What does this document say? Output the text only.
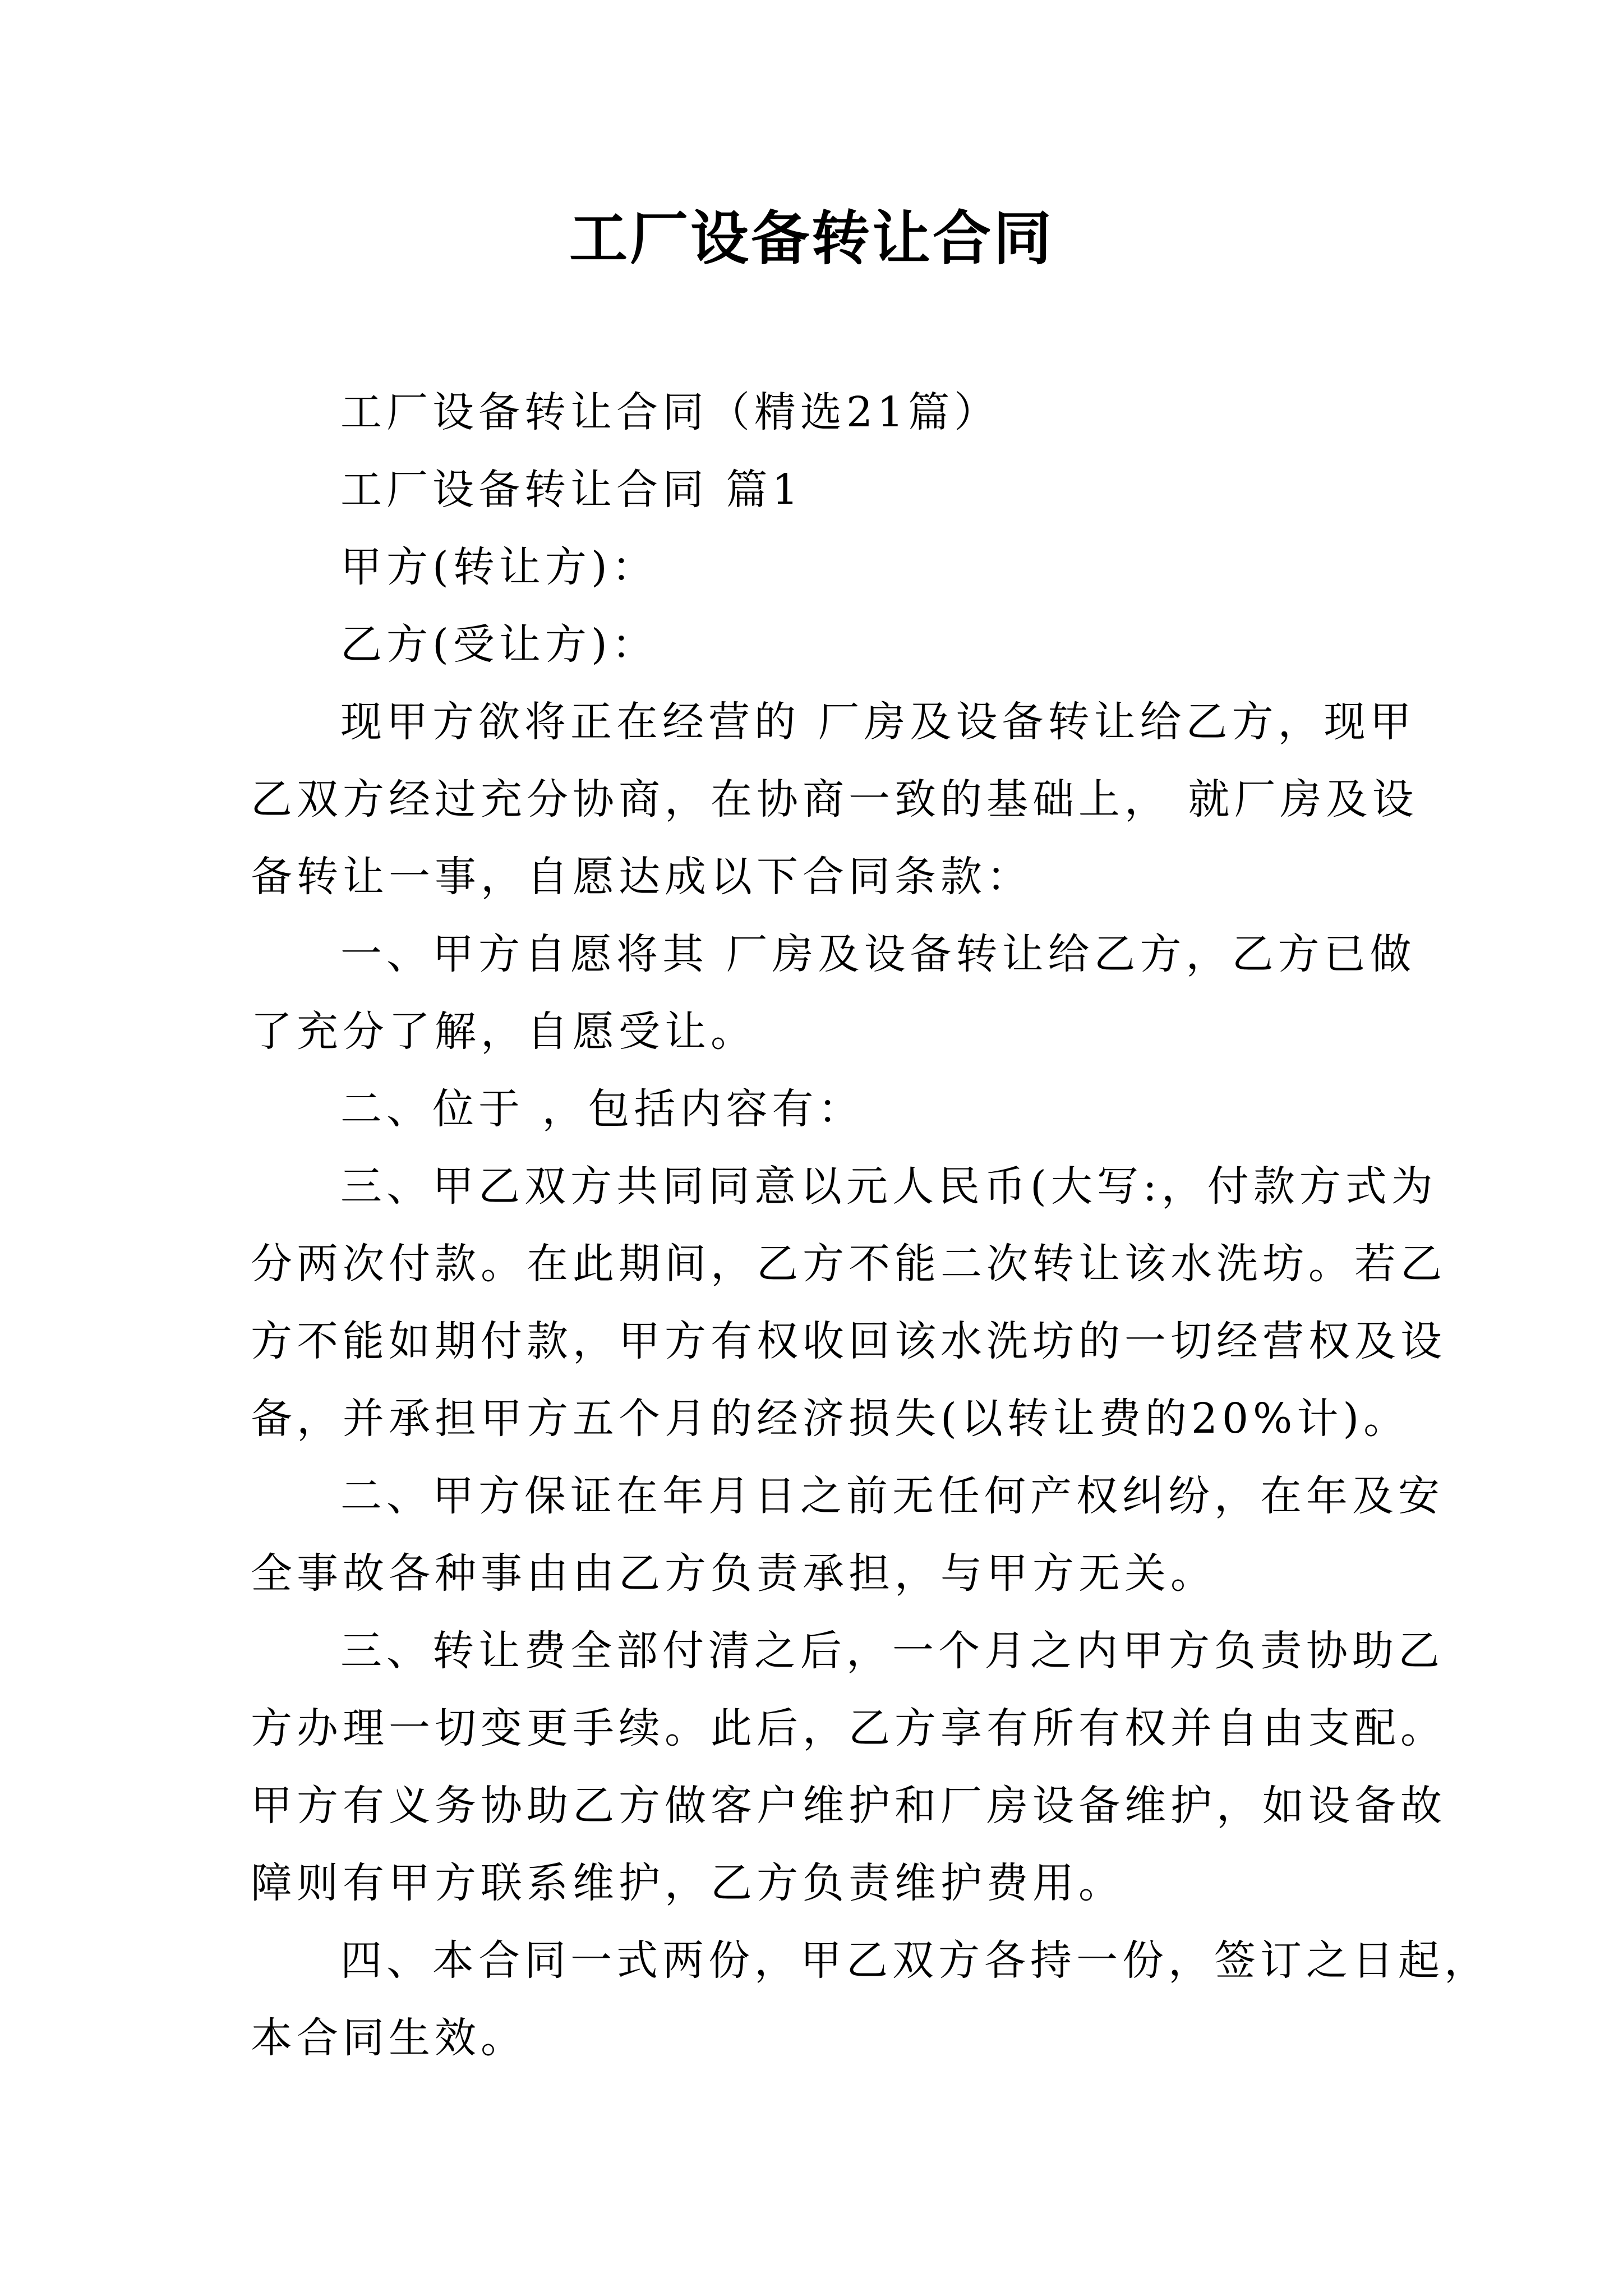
工厂设备转让合同
工厂设备转让合同（精选21篇）
工厂设备转让合同 篇1
甲方(转让方)：
乙方(受让方)：
现甲方欲将正在经营的 厂房及设备转让给乙方，现甲
乙双方经过充分协商，在协商一致的基础上， 就厂房及设
备转让一事，自愿达成以下合同条款：
一、甲方自愿将其 厂房及设备转让给乙方，乙方已做
了充分了解，自愿受让。
二、位于 ，包括内容有：
三、甲乙双方共同同意以元人民币(大写:，付款方式为
分两次付款。在此期间，乙方不能二次转让该水洗坊。若乙
方不能如期付款，甲方有权收回该水洗坊的一切经营权及设
备，并承担甲方五个月的经济损失(以转让费的20%计)。
二、甲方保证在年月日之前无任何产权纠纷，在年及安
全事故各种事由由乙方负责承担，与甲方无关。
三、转让费全部付清之后，一个月之内甲方负责协助乙
方办理一切变更手续。此后，乙方享有所有权并自由支配。
甲方有义务协助乙方做客户维护和厂房设备维护，如设备故
障则有甲方联系维护，乙方负责维护费用。
四、本合同一式两份，甲乙双方各持一份，签订之日起，
本合同生效。
